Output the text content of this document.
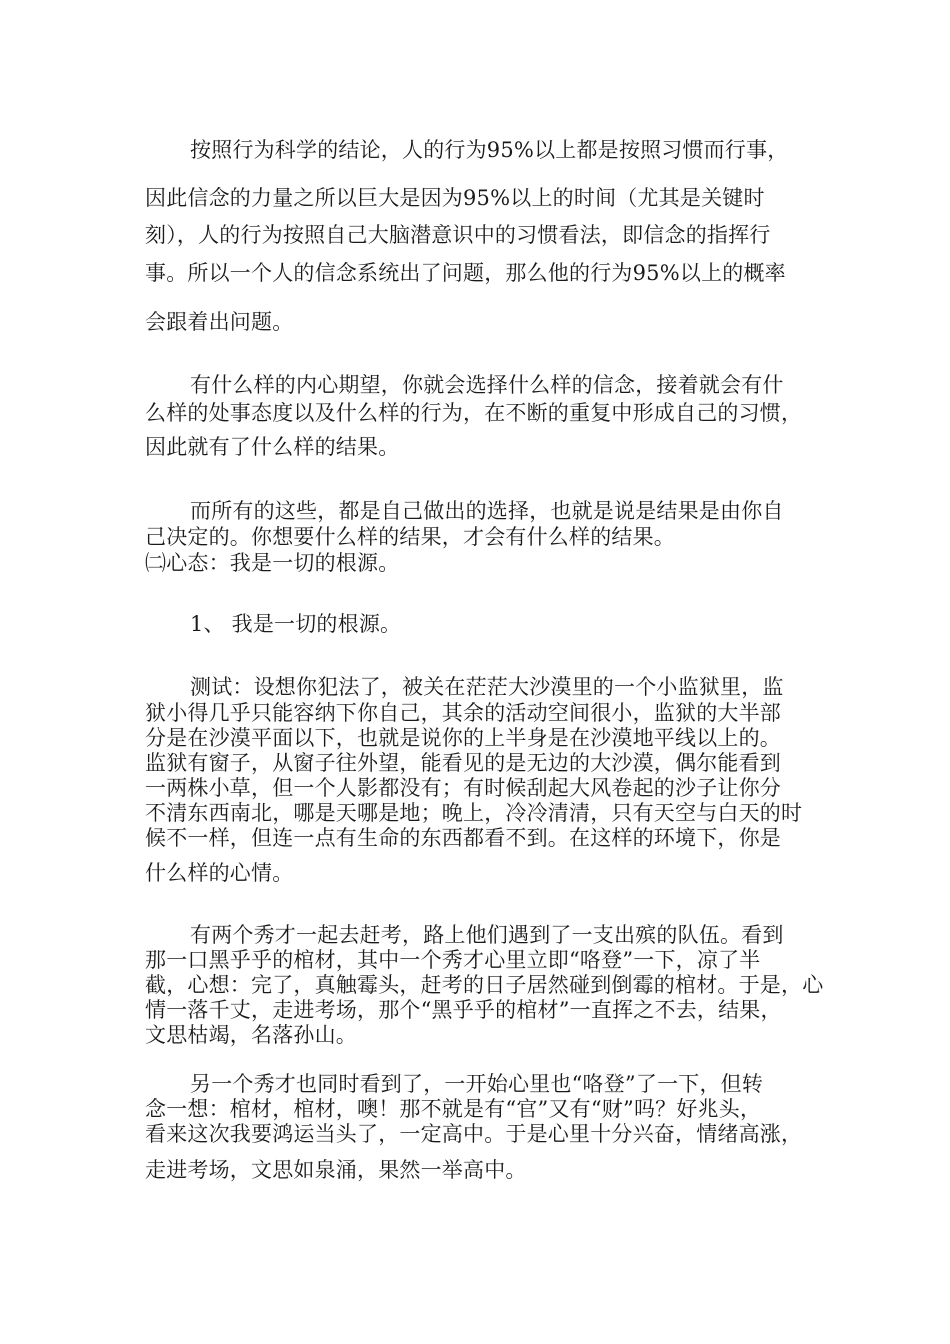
按照行为科学的结论，人的行为95%以上都是按照习惯而行事，
因此信念的力量之所以巨大是因为95%以上的时间（尤其是关键时
刻），人的行为按照自己大脑潜意识中的习惯看法，即信念的指挥行
事。所以一个人的信念系统出了问题，那么他的行为95%以上的概率
会跟着出问题。
有什么样的内心期望，你就会选择什么样的信念，接着就会有什
么样的处事态度以及什么样的行为，在不断的重复中形成自己的习惯，
因此就有了什么样的结果。
而所有的这些，都是自己做出的选择，也就是说是结果是由你自
己决定的。你想要什么样的结果，才会有什么样的结果。
㈡心态：我是一切的根源。
1、 我是一切的根源。
测试：设想你犯法了，被关在茫茫大沙漠里的一个小监狱里，监
狱小得几乎只能容纳下你自己，其余的活动空间很小，监狱的大半部
分是在沙漠平面以下，也就是说你的上半身是在沙漠地平线以上的。
监狱有窗子，从窗子往外望，能看见的是无边的大沙漠，偶尔能看到
一两株小草，但一个人影都没有；有时候刮起大风卷起的沙子让你分
不清东西南北，哪是天哪是地；晚上，冷冷清清，只有天空与白天的时
候不一样，但连一点有生命的东西都看不到。在这样的环境下，你是
什么样的心情。
有两个秀才一起去赶考，路上他们遇到了一支出殡的队伍。看到
那一口黑乎乎的棺材，其中一个秀才心里立即“咯登”一下，凉了半
截，心想：完了，真触霉头，赶考的日子居然碰到倒霉的棺材。于是，心
情一落千丈，走进考场，那个“黑乎乎的棺材”一直挥之不去，结果，
文思枯竭，名落孙山。
另一个秀才也同时看到了，一开始心里也“咯登”了一下，但转
念一想：棺材，棺材，噢！那不就是有“官”又有“财”吗？好兆头，
看来这次我要鸿运当头了，一定高中。于是心里十分兴奋，情绪高涨，
走进考场，文思如泉涌，果然一举高中。
